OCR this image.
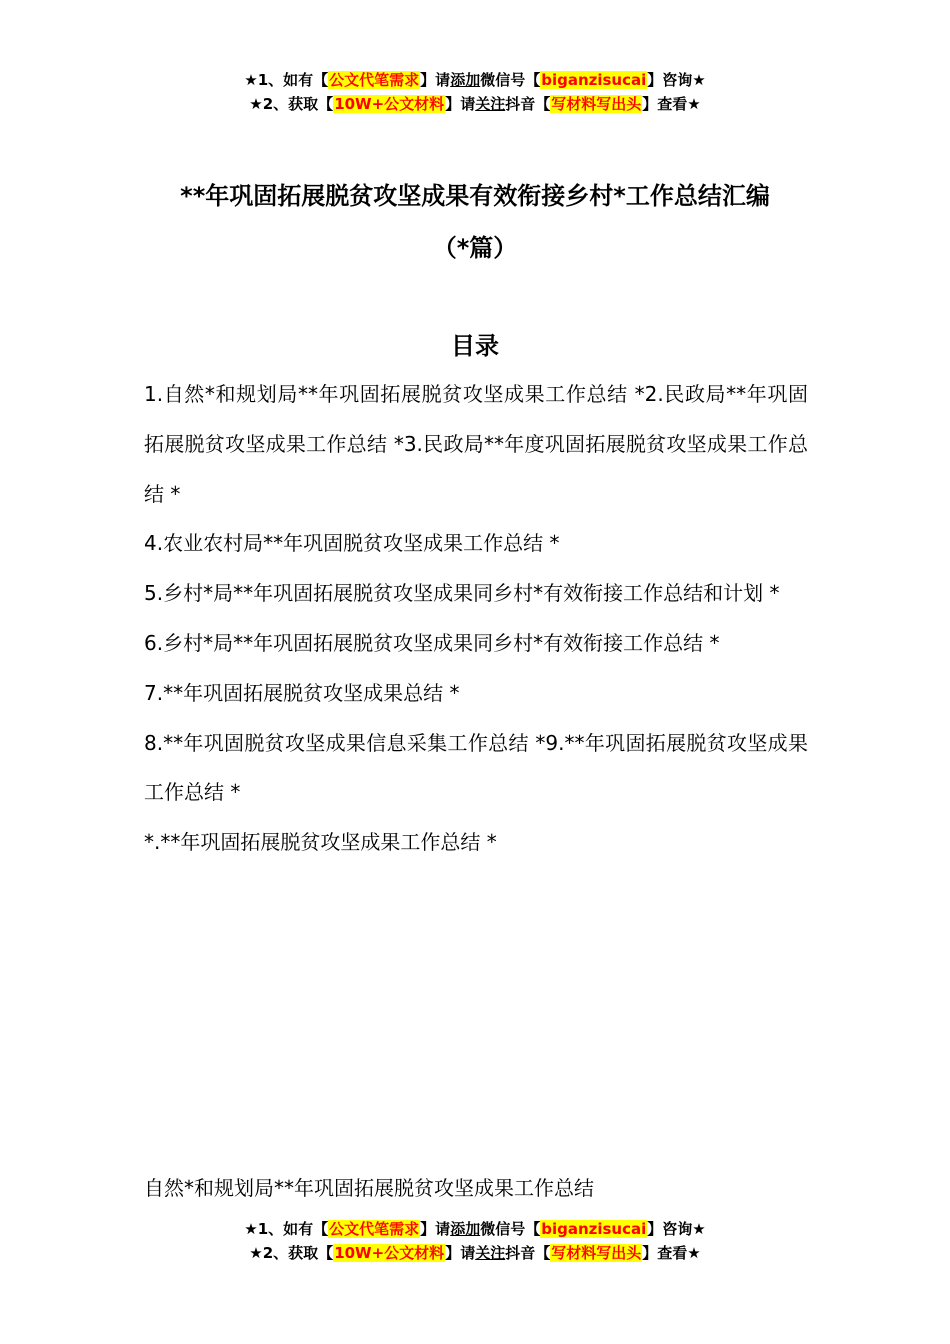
★1、如有【公文代笔需求】请添加微信号【biganzisucai】咨询★
★2、获取【10W+公文材料】请关注抖音【写材料写出头】查看★
**年巩固拓展脱贫攻坚成果有效衔接乡村*工作总结汇编
（*篇）
目录

1.自然*和规划局**年巩固拓展脱贫攻坚成果工作总结 *2.民政局**年巩固拓展脱贫攻坚成果工作总结 *3.民政局**年度巩固拓展脱贫攻坚成果工作总结 *

4.农业农村局**年巩固脱贫攻坚成果工作总结 *

5.乡村*局**年巩固拓展脱贫攻坚成果同乡村*有效衔接工作总结和计划 *

6.乡村*局**年巩固拓展脱贫攻坚成果同乡村*有效衔接工作总结 *

7.**年巩固拓展脱贫攻坚成果总结 *

8.**年巩固脱贫攻坚成果信息采集工作总结 *9.**年巩固拓展脱贫攻坚成果工作总结 *

*.**年巩固拓展脱贫攻坚成果工作总结 *

自然*和规划局**年巩固拓展脱贫攻坚成果工作总结
★1、如有【公文代笔需求】请添加微信号【biganzisucai】咨询★
★2、获取【10W+公文材料】请关注抖音【写材料写出头】查看★
